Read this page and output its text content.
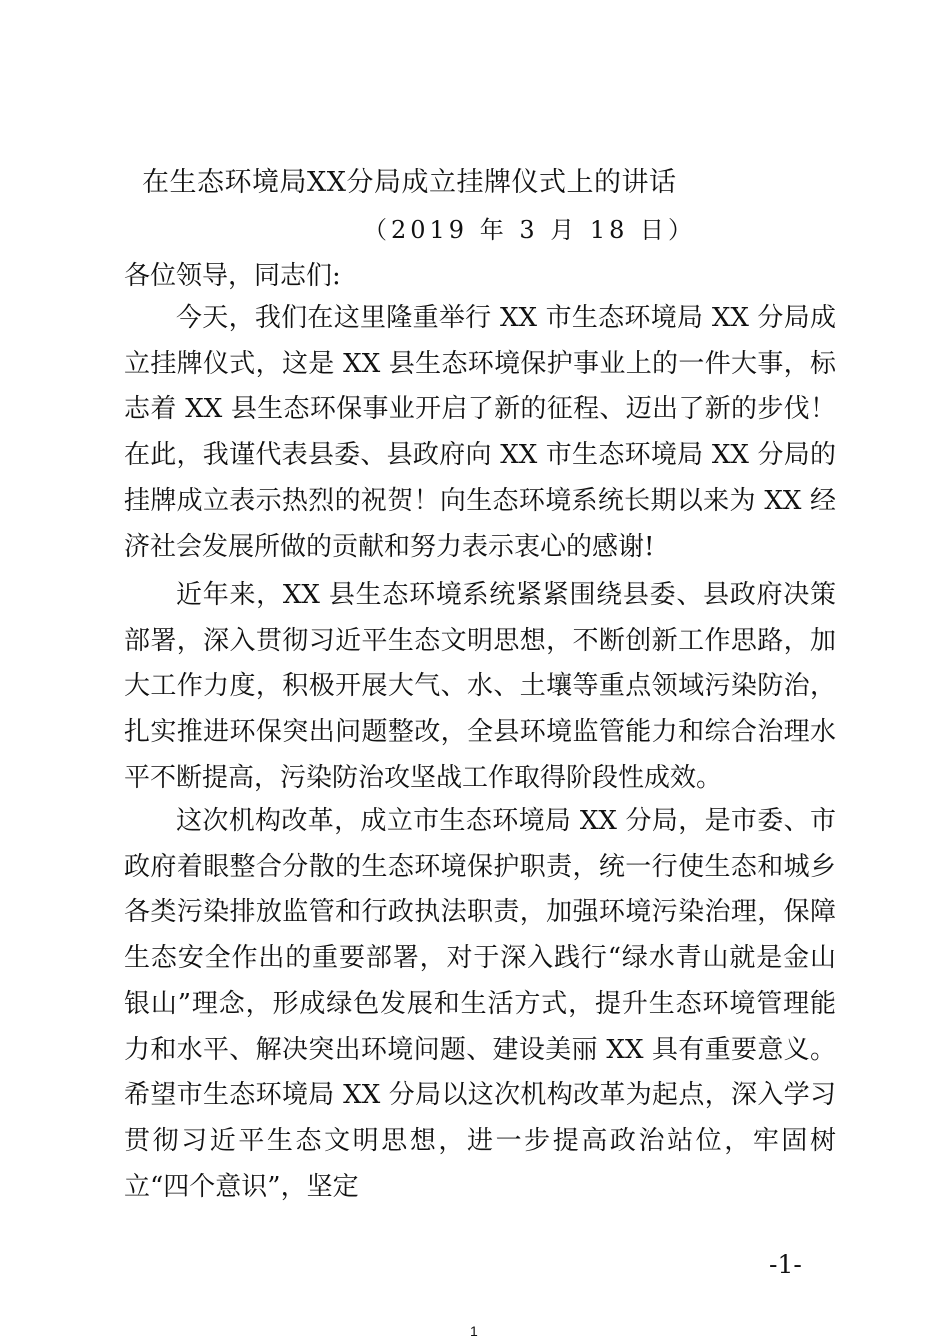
在生态环境局XX分局成立挂牌仪式上的讲话
（2019 年 3 月 18 日）
各位领导，同志们:

今天，我们在这里隆重举行 XX 市生态环境局 XX 分局成立挂牌仪式，这是 XX 县生态环境保护事业上的一件大事，标志着 XX 县生态环保事业开启了新的征程、迈出了新的步伐！在此，我谨代表县委、县政府向 XX 市生态环境局 XX 分局的挂牌成立表示热烈的祝贺！向生态环境系统长期以来为 XX 经济社会发展所做的贡献和努力表示衷心的感谢!

近年来，XX 县生态环境系统紧紧围绕县委、县政府决策部署，深入贯彻习近平生态文明思想，不断创新工作思路，加大工作力度，积极开展大气、水、土壤等重点领域污染防治，扎实推进环保突出问题整改，全县环境监管能力和综合治理水平不断提高，污染防治攻坚战工作取得阶段性成效。

这次机构改革，成立市生态环境局 XX 分局，是市委、市政府着眼整合分散的生态环境保护职责，统一行使生态和城乡各类污染排放监管和行政执法职责，加强环境污染治理，保障生态安全作出的重要部署，对于深入践行“绿水青山就是金山银山”理念，形成绿色发展和生活方式，提升生态环境管理能力和水平、解决突出环境问题、建设美丽 XX 具有重要意义。希望市生态环境局 XX 分局以这次机构改革为起点，深入学习贯彻习近平生态文明思想，进一步提高政治站位，牢固树立“四个意识”，坚定

-1-
1
